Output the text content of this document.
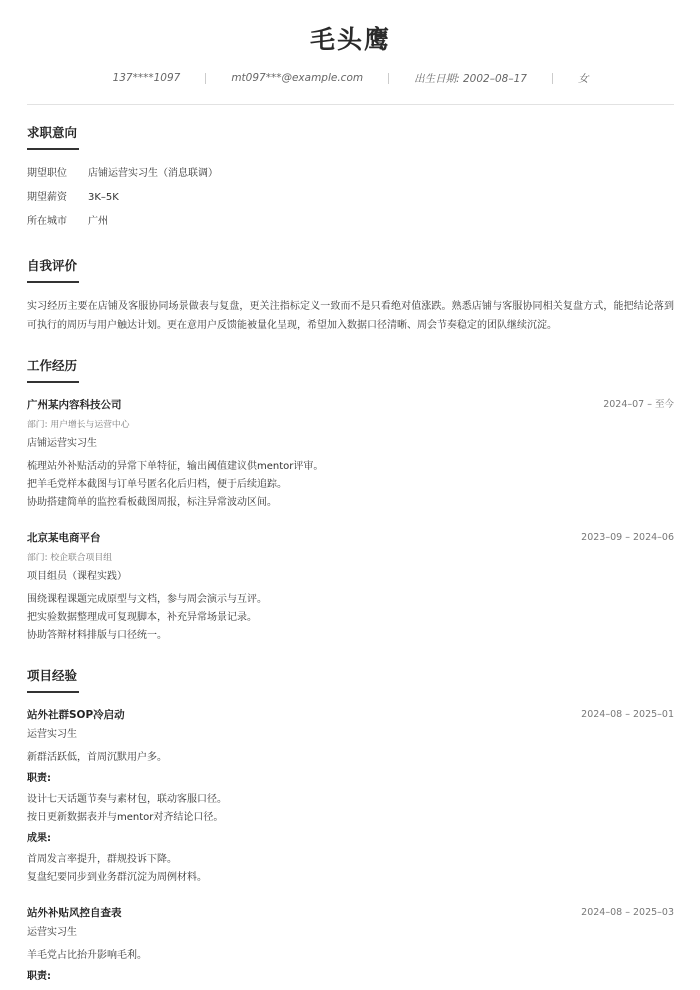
毛头鹰
137****1097	mt097***@example.com	出生日期: 2002–08–17	女
求职意向
期望职位 店铺运营实习生（消息联调）
期望薪资 3K–5K
所在城市 广州
自我评价
实习经历主要在店铺及客服协同场景做表与复盘，更关注指标定义一致而不是只看绝对值涨跌。熟悉店铺与客服协同相关复盘方式，能把结论落到可执行的周历与用户触达计划。更在意用户反馈能被量化呈现，希望加入数据口径清晰、周会节奏稳定的团队继续沉淀。
工作经历
广州某内容科技公司	2024–07 – 至今
部门: 用户增长与运营中心
店铺运营实习生
梳理站外补贴活动的异常下单特征，输出阈值建议供mentor评审。
把羊毛党样本截图与订单号匿名化后归档，便于后续追踪。
协助搭建简单的监控看板截图周报，标注异常波动区间。
北京某电商平台	2023–09 – 2024–06
部门: 校企联合项目组
项目组员（课程实践）
围绕课程课题完成原型与文档，参与周会演示与互评。
把实验数据整理成可复现脚本，补充异常场景记录。
协助答辩材料排版与口径统一。
项目经验
站外社群SOP冷启动	2024–08 – 2025–01
运营实习生
新群活跃低，首周沉默用户多。
职责:
设计七天话题节奏与素材包，联动客服口径。
按日更新数据表并与mentor对齐结论口径。
成果:
首周发言率提升，群规投诉下降。
复盘纪要同步到业务群沉淀为周例材料。
站外补贴风控自查表	2024–08 – 2025–03
运营实习生
羊毛党占比抬升影响毛利。
职责:
